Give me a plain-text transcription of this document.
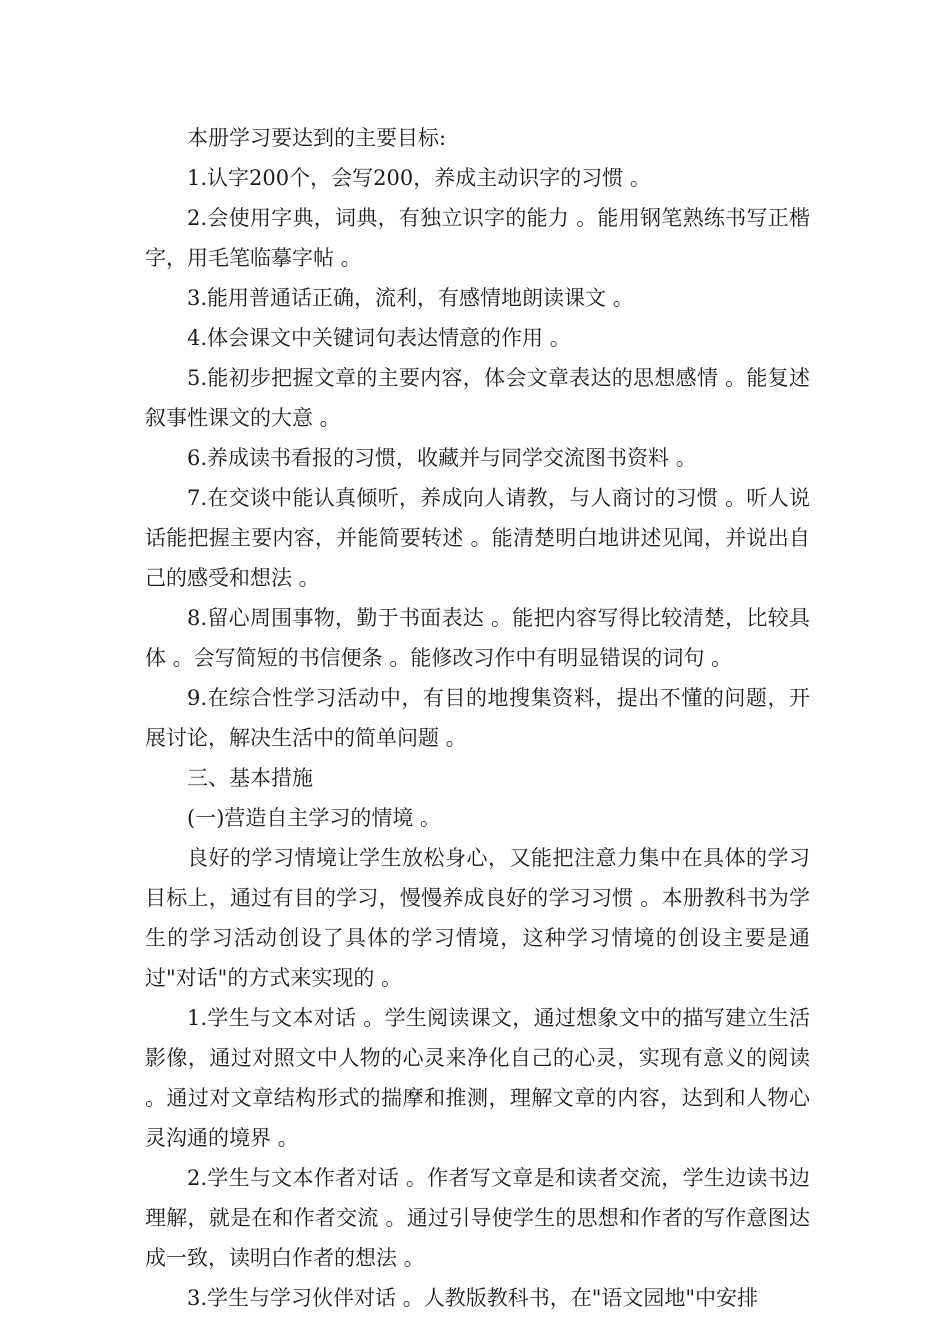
本册学习要达到的主要目标:

1.认字200个，会写200，养成主动识字的习惯 。

2.会使用字典，词典，有独立识字的能力 。能用钢笔熟练书写正楷字，用毛笔临摹字帖 。

3.能用普通话正确，流利，有感情地朗读课文 。

4.体会课文中关键词句表达情意的作用 。

5.能初步把握文章的主要内容，体会文章表达的思想感情 。能复述叙事性课文的大意 。

6.养成读书看报的习惯，收藏并与同学交流图书资料 。

7.在交谈中能认真倾听，养成向人请教，与人商讨的习惯 。听人说话能把握主要内容，并能简要转述 。能清楚明白地讲述见闻，并说出自己的感受和想法 。

8.留心周围事物，勤于书面表达 。能把内容写得比较清楚，比较具体 。会写简短的书信便条 。能修改习作中有明显错误的词句 。

9.在综合性学习活动中，有目的地搜集资料，提出不懂的问题，开展讨论，解决生活中的简单问题 。

三、基本措施

(一)营造自主学习的情境 。

良好的学习情境让学生放松身心，又能把注意力集中在具体的学习目标上，通过有目的学习，慢慢养成良好的学习习惯 。本册教科书为学生的学习活动创设了具体的学习情境，这种学习情境的创设主要是通过"对话"的方式来实现的 。

1.学生与文本对话 。学生阅读课文，通过想象文中的描写建立生活影像，通过对照文中人物的心灵来净化自己的心灵，实现有意义的阅读 。通过对文章结构形式的揣摩和推测，理解文章的内容，达到和人物心灵沟通的境界 。

2.学生与文本作者对话 。作者写文章是和读者交流，学生边读书边理解，就是在和作者交流 。通过引导使学生的思想和作者的写作意图达成一致，读明白作者的想法 。

3.学生与学习伙伴对话 。人教版教科书，在"语文园地"中安排
